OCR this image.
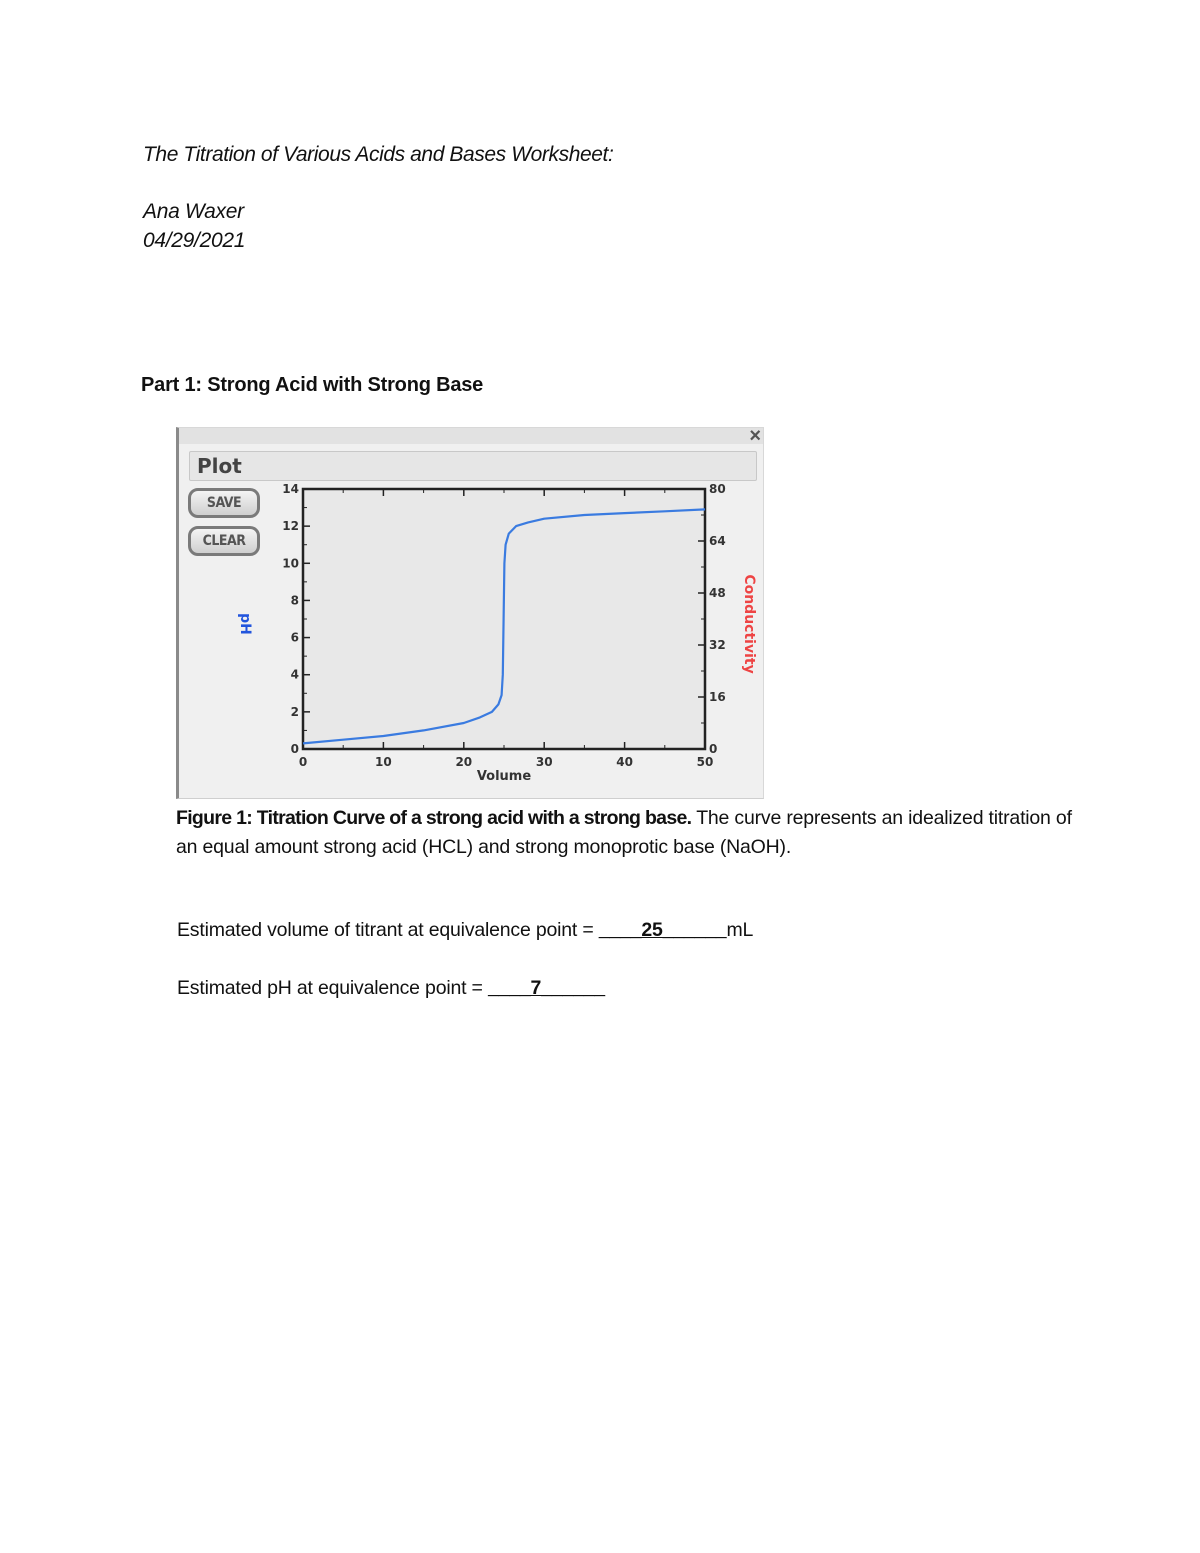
The Titration of Various Acids and Bases Worksheet:
Ana Waxer
04/29/2021
Part 1: Strong Acid with Strong Base
×
Plot
SAVE
CLEAR
0	10	20	30	40	50
0
2
4
6
8
10
12
14
0
16
32
48
64
80
Volume
pH	Conductivity
Figure 1: Titration Curve of a strong acid with a strong base. The curve represents an idealized titration of an equal amount strong acid (HCL) and strong monoprotic base (NaOH).
Estimated volume of titrant at equivalence point = ____25______mL
Estimated pH at equivalence point = ____7______
